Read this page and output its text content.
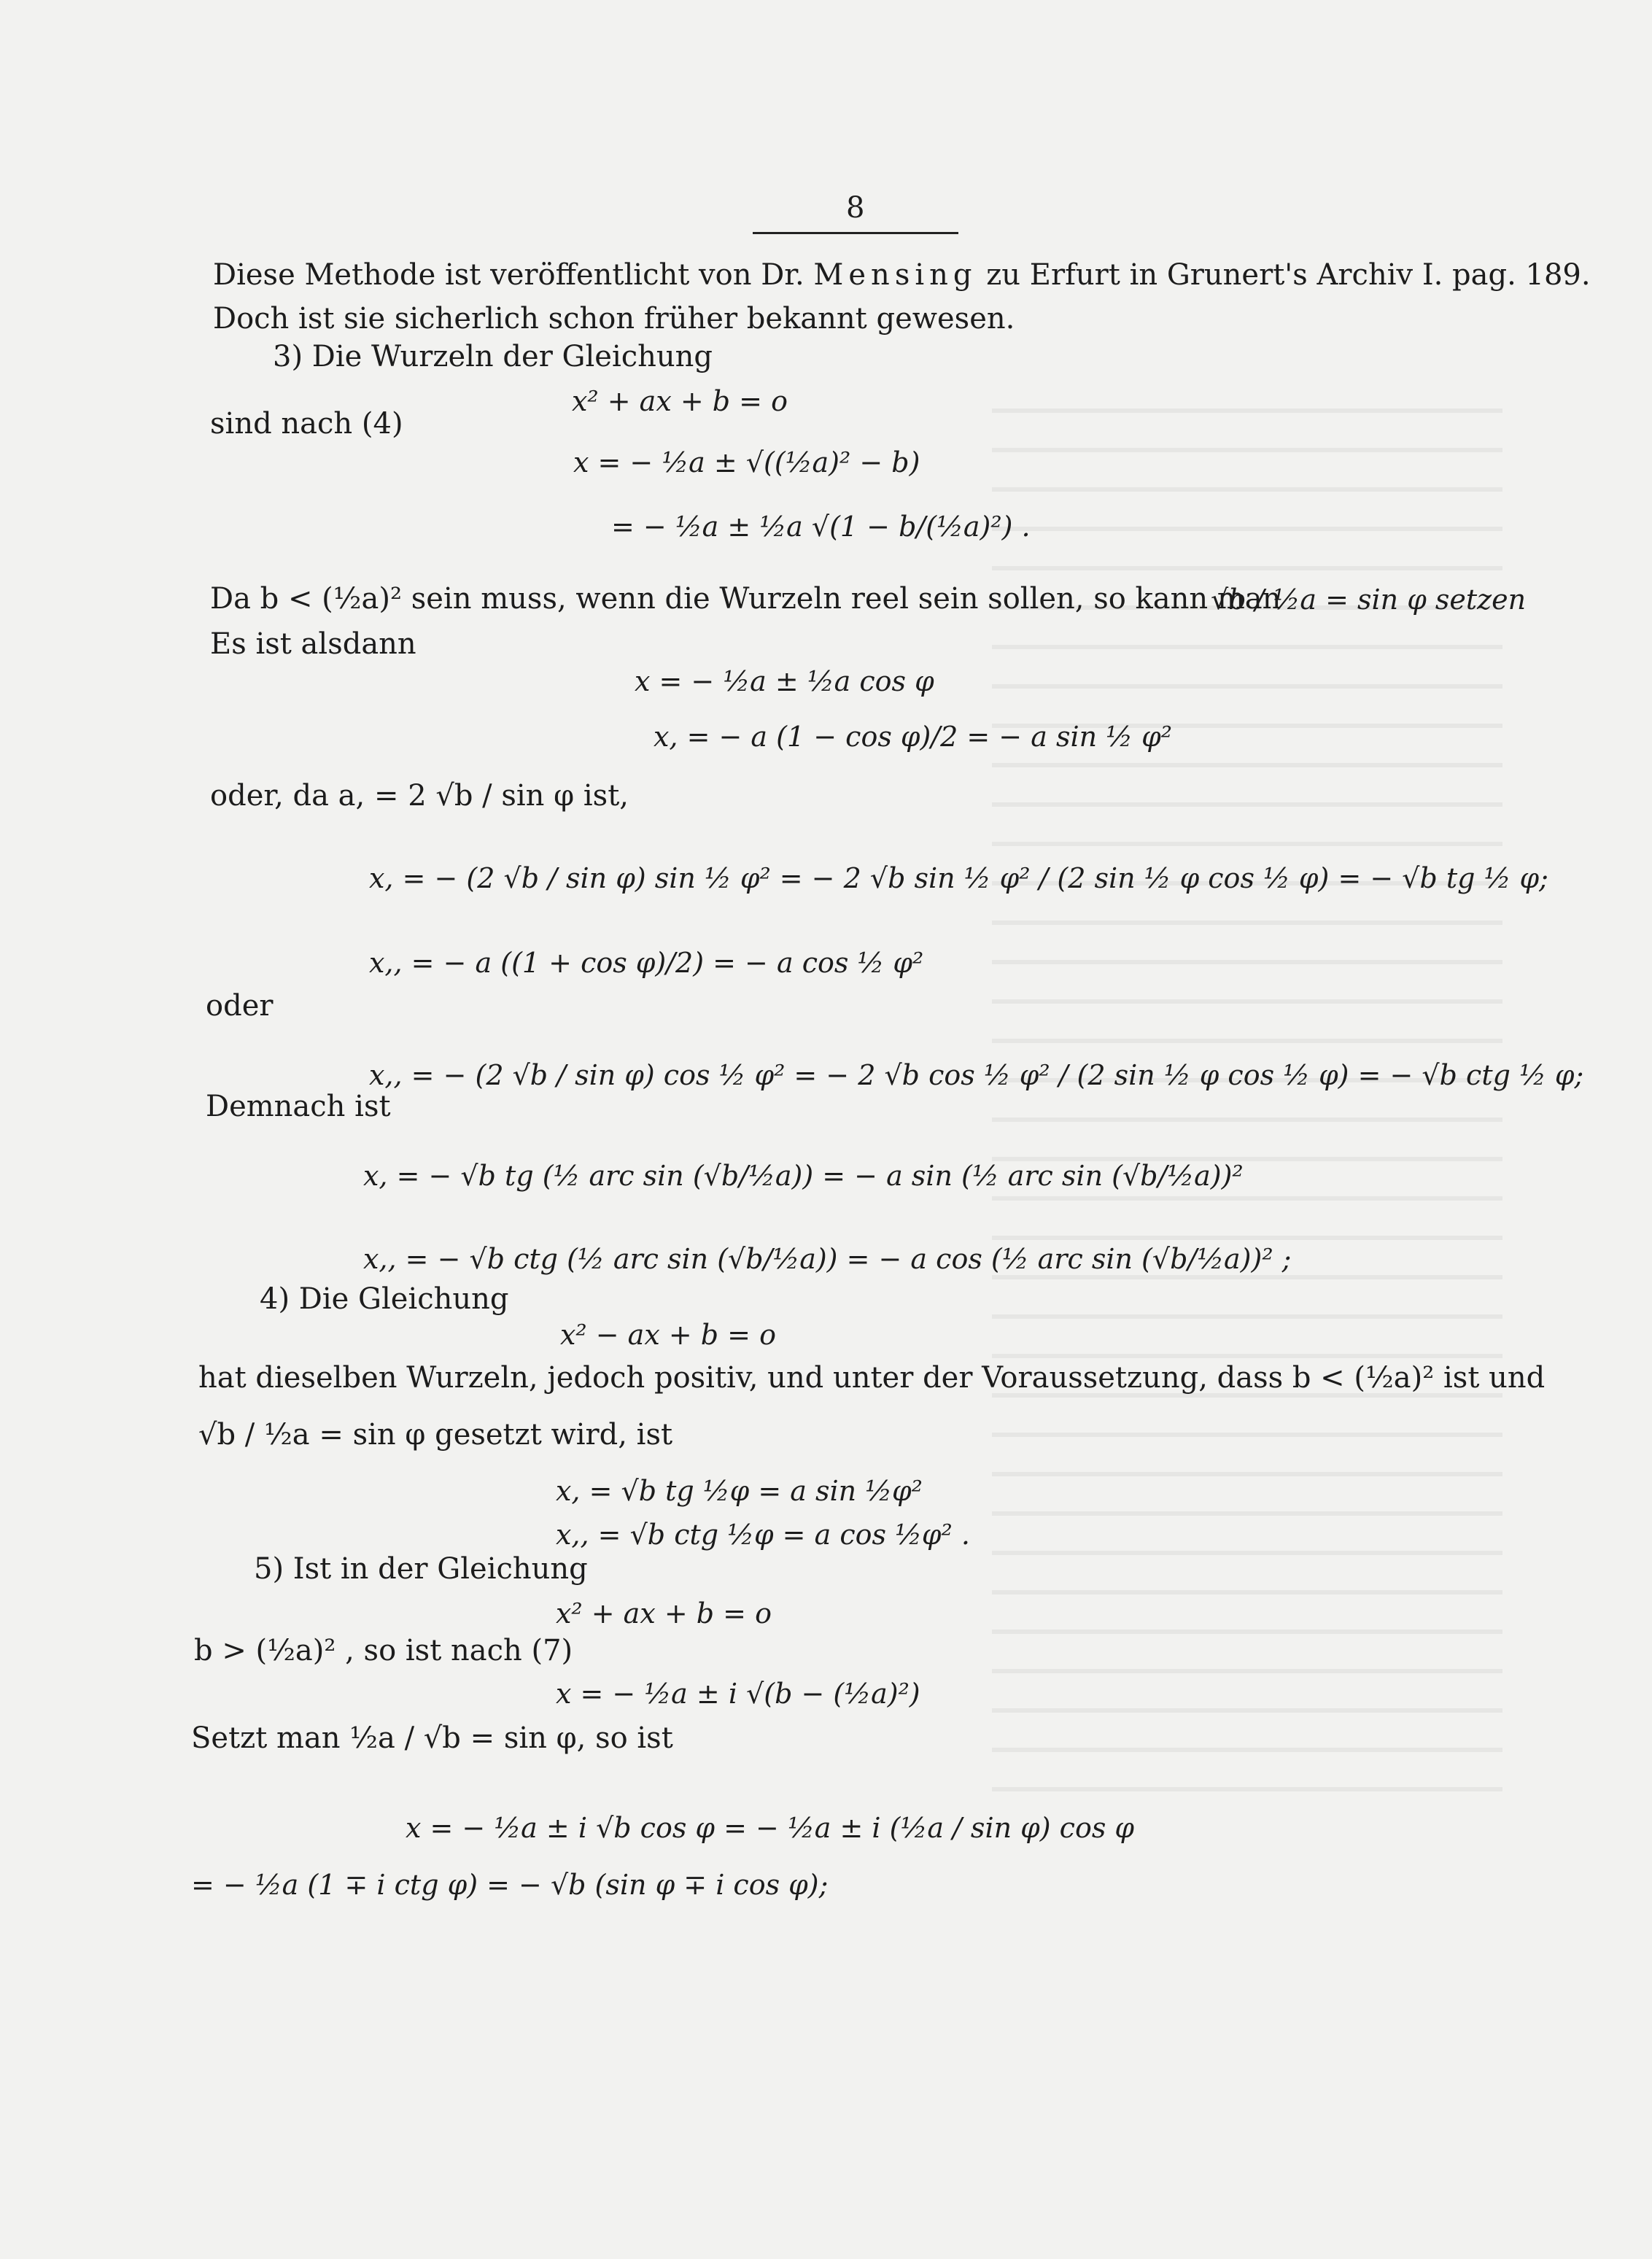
8
Diese Methode ist veröffentlicht von Dr. Mensing zu Erfurt in Grunert's Archiv I. pag. 189.
Doch ist sie sicherlich schon früher bekannt gewesen.
3) Die Wurzeln der Gleichung
x² + ax + b = o
sind nach (4)
x = − ½a ± √((½a)² − b)
= − ½a ± ½a √(1 − b/(½a)²) .
Da b < (½a)² sein muss, wenn die Wurzeln reel sein sollen, so kann man
√b / ½a = sin φ setzen
Es ist alsdann
x = − ½a ± ½a cos φ
x, = − a (1 − cos φ)/2 = − a sin ½ φ²
oder, da a, = 2 √b / sin φ ist,
x, = − (2 √b / sin φ) sin ½ φ² = − 2 √b sin ½ φ² / (2 sin ½ φ cos ½ φ) = − √b tg ½ φ;
x,, = − a ((1 + cos φ)/2) = − a cos ½ φ²
oder
x,, = − (2 √b / sin φ) cos ½ φ² = − 2 √b cos ½ φ² / (2 sin ½ φ cos ½ φ) = − √b ctg ½ φ;
Demnach ist
x, = − √b tg (½ arc sin (√b/½a)) = − a sin (½ arc sin (√b/½a))²
x,, = − √b ctg (½ arc sin (√b/½a)) = − a cos (½ arc sin (√b/½a))² ;
4) Die Gleichung
x² − ax + b = o
hat dieselben Wurzeln, jedoch positiv, und unter der Voraussetzung, dass b < (½a)² ist und
√b / ½a = sin φ gesetzt wird, ist
x, = √b tg ½φ = a sin ½φ²
x,, = √b ctg ½φ = a cos ½φ² .
5) Ist in der Gleichung
x² + ax + b = o
b > (½a)² , so ist nach (7)
x = − ½a ± i √(b − (½a)²)
Setzt man ½a / √b = sin φ, so ist
x = − ½a ± i √b cos φ = − ½a ± i (½a / sin φ) cos φ
= − ½a (1 ∓ i ctg φ) = − √b (sin φ ∓ i cos φ);
